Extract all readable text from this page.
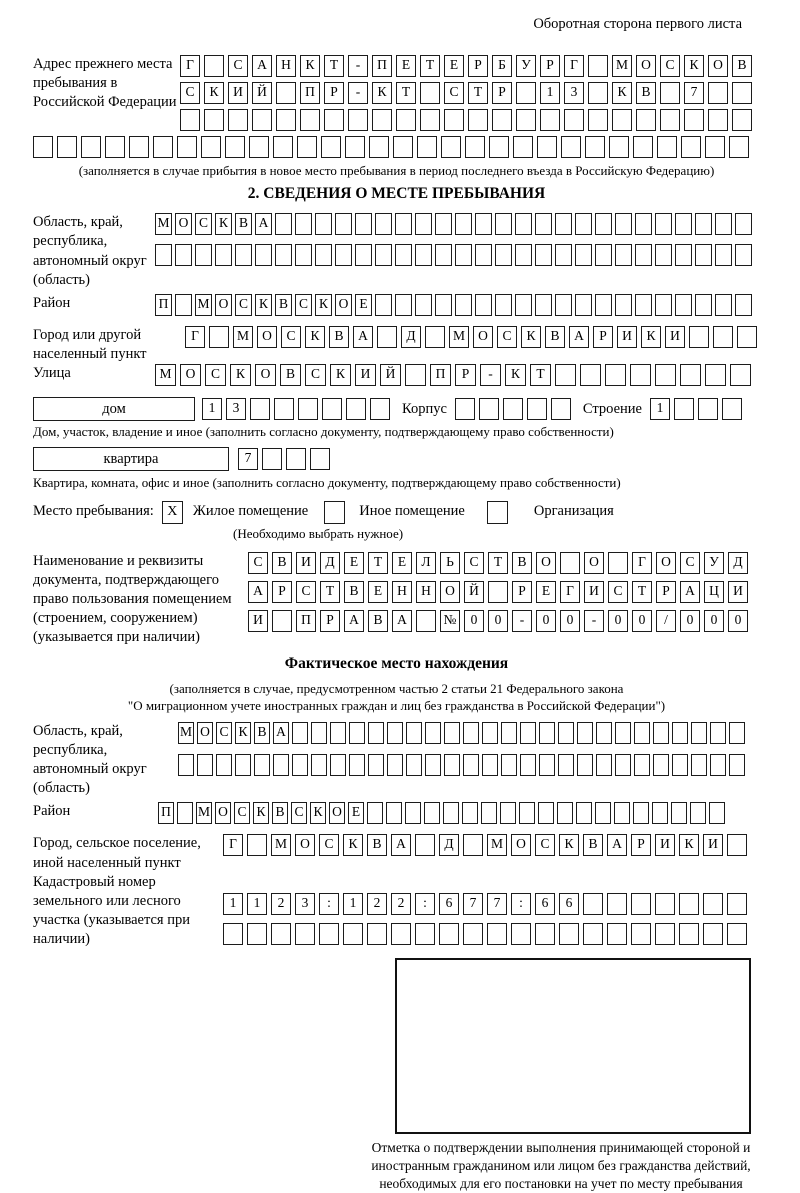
Оборотная сторона первого листа
Адрес прежнего места пребывания в Российской Федерации
Г	С А Н К Т - П Е Т Е Р Б У Р Г	М О С К О В
С К И Й	П Р - К Т	С Т Р	1 3	К В	7
(заполняется в случае прибытия в новое место пребывания в период последнего въезда в Российскую Федерацию)
2. СВЕДЕНИЯ О МЕСТЕ ПРЕБЫВАНИЯ
Область, край, республика, автономный округ (область)
М О С К В А
Район	П М О С К В С К О Е
Город или другой населенный пункт
Г	М О С К В А	Д	М О С К В А Р И К И
Улица	М О С К О В С К И Й	П Р - К Т
дом	1 3	Корпус	Строение	1
Дом, участок, владение и иное (заполнить согласно документу, подтверждающему право собственности)
квартира	7
Квартира, комната, офис и иное (заполнить согласно документу, подтверждающему право собственности)
Место пребывания: X	Жилое помещение	Иное помещение	Организация
(Необходимо выбрать нужное)
Наименование и реквизиты документа, подтверждающего право пользования помещением (строением, сооружением) (указывается при наличии)
С В И Д Е Т Е Л Ь С Т В О	О	Г О С У Д
А Р С Т В Е Н Н О Й	Р Е Г И С Т Р А Ц И
И	П Р А В А	№ 0 0 - 0 0 - 0 0 / 0 0 0
Фактическое место нахождения
(заполняется в случае, предусмотренном частью 2 статьи 21 Федерального закона
"О миграционном учете иностранных граждан и лиц без гражданства в Российской Федерации")
Область, край, республика, автономный округ (область)
М О С К В А
Район	П М О С К В С К О Е
Город, сельское поселение, иной населенный пункт
Г	М О С К В А	Д	М О С К В А Р И К И
Кадастровый номер земельного или лесного участка (указывается при наличии)
1 1 2 3 : 1 2 2 : 6 7 7 : 6 6
Отметка о подтверждении выполнения принимающей стороной и иностранным гражданином или лицом без гражданства действий, необходимых для его постановки на учет по месту пребывания
